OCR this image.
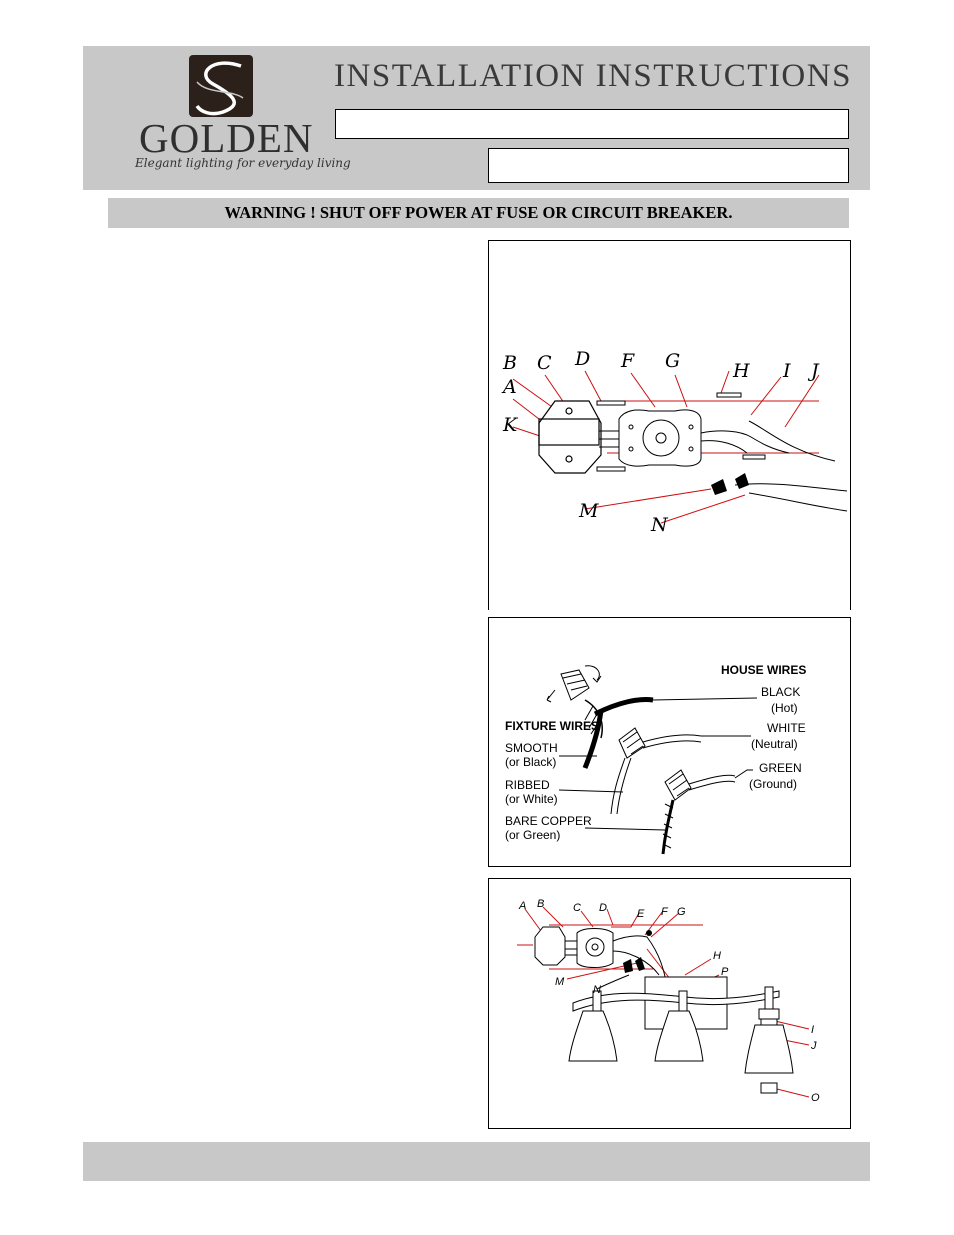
GOLDEN
Elegant lighting for everyday living
INSTALLATION INSTRUCTIONS
WARNING ! SHUT OFF POWER AT FUSE OR CIRCUIT BREAKER.
B
A
C D F G	H I J
K
M
N
HOUSE WIRES
BLACK
(Hot)
WHITE
(Neutral)
GREEN
(Ground)
FIXTURE WIRES
SMOOTH
(or Black)
RIBBED
(or White)
BARE COPPER
(or Green)
A B	C D	E F G
H
P
M
N
I
J
O
